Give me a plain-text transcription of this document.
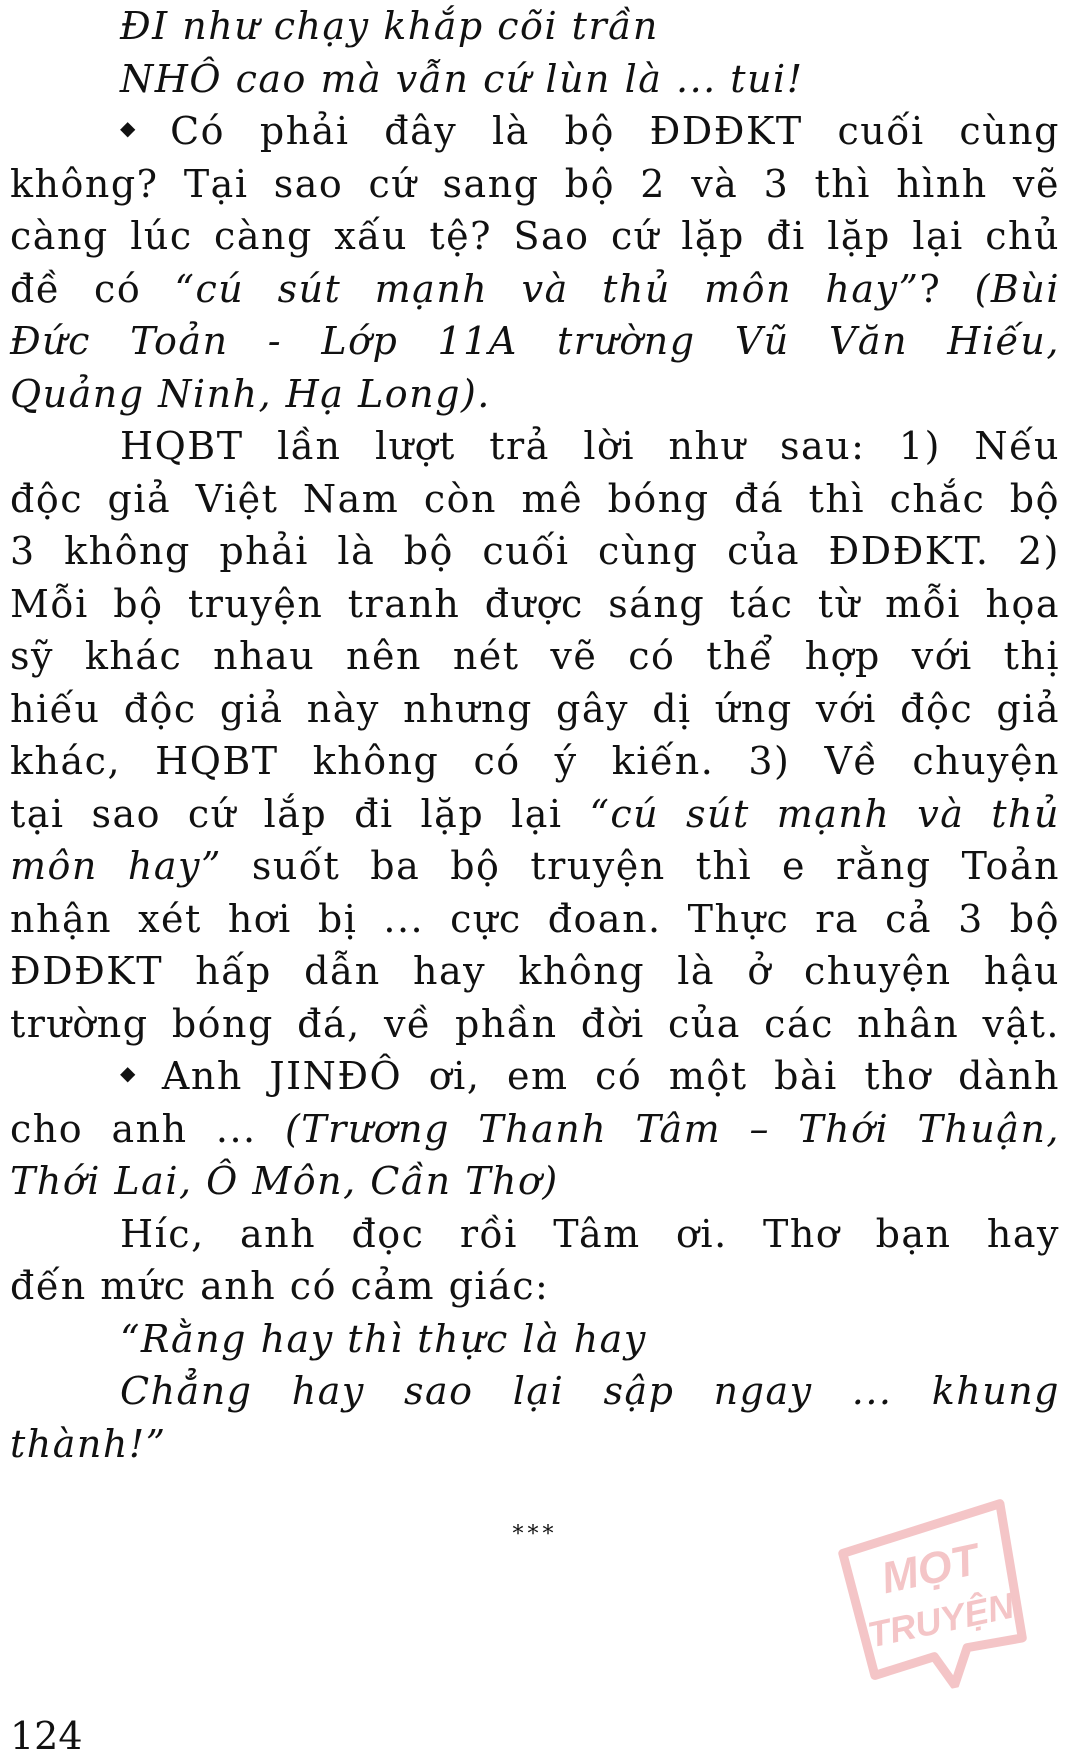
ĐI như chạy khắp cõi trần
NHÔ cao mà vẫn cứ lùn là ... tui!
◆ Có phải đây là bộ ĐDĐKT cuối cùng
không? Tại sao cứ sang bộ 2 và 3 thì hình vẽ
càng lúc càng xấu tệ? Sao cứ lặp đi lặp lại chủ
đề có “cú sút mạnh và thủ môn hay”? (Bùi
Đức Toản - Lớp 11A trường Vũ Văn Hiếu,
Quảng Ninh, Hạ Long).
HQBT lần lượt trả lời như sau: 1) Nếu
độc giả Việt Nam còn mê bóng đá thì chắc bộ
3 không phải là bộ cuối cùng của ĐDĐKT. 2)
Mỗi bộ truyện tranh được sáng tác từ mỗi họa
sỹ khác nhau nên nét vẽ có thể hợp với thị
hiếu độc giả này nhưng gây dị ứng với độc giả
khác, HQBT không có ý kiến. 3) Về chuyện
tại sao cứ lắp đi lặp lại “cú sút mạnh và thủ
môn hay” suốt ba bộ truyện thì e rằng Toản
nhận xét hơi bị ... cực đoan. Thực ra cả 3 bộ
ĐDĐKT hấp dẫn hay không là ở chuyện hậu
trường bóng đá, về phần đời của các nhân vật.
◆ Anh JINĐÔ ơi, em có một bài thơ dành
cho anh ... (Trương Thanh Tâm – Thới Thuận,
Thới Lai, Ô Môn, Cần Thơ)
Híc, anh đọc rồi Tâm ơi. Thơ bạn hay
đến mức anh có cảm giác:
“Rằng hay thì thực là hay
Chẳng hay sao lại sập ngay ... khung
thành!”
***
124
MỌT
TRUYỆN
